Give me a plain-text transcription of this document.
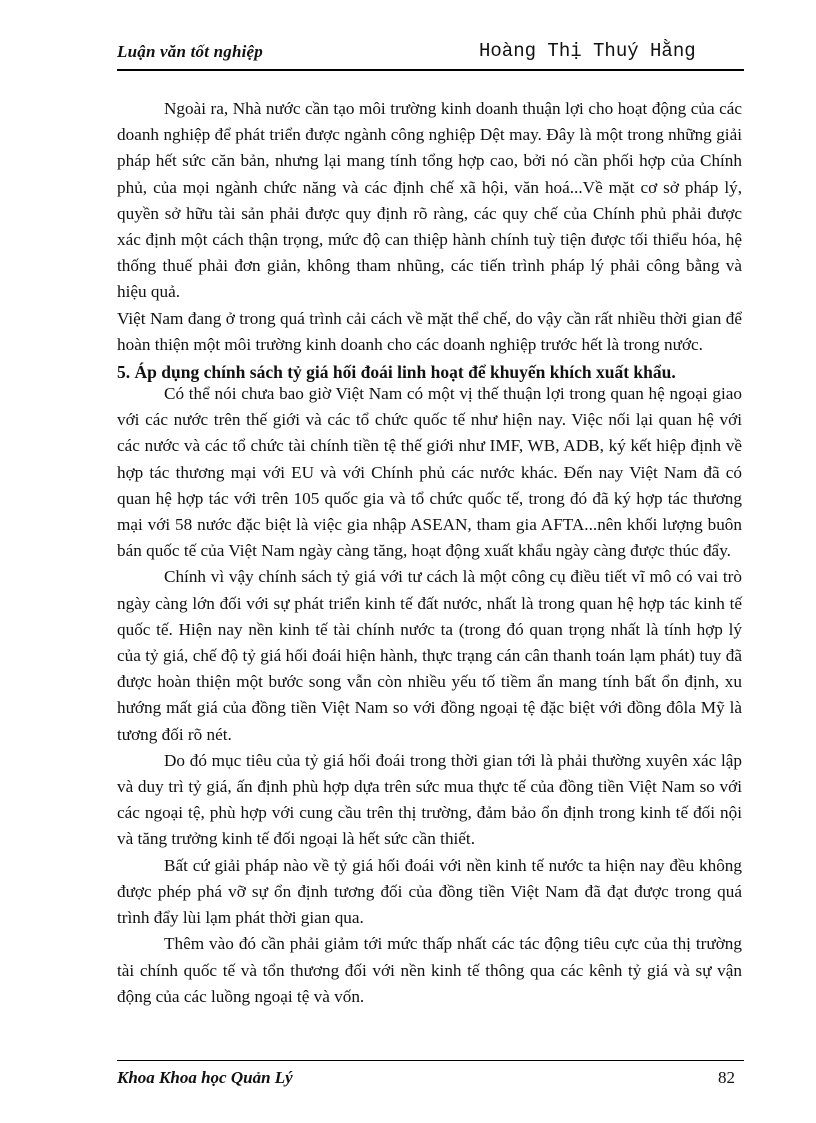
Luận văn tốt nghiệp	Hoàng Thị Thuý Hằng

Ngoài ra, Nhà nước cần tạo môi trường kinh doanh thuận lợi cho hoạt động của các doanh nghiệp để phát triển được ngành công nghiệp Dệt may. Đây là một trong những giải pháp hết sức căn bản, nhưng lại mang tính tổng hợp cao, bởi nó cần phối hợp của Chính phủ, của mọi ngành chức năng và các định chế xã hội, văn hoá...Về mặt cơ sở pháp lý, quyền sở hữu tài sản phải được quy định rõ ràng, các quy chế của Chính phủ phải được xác định một cách thận trọng, mức độ can thiệp hành chính tuỳ tiện được tối thiểu hóa, hệ thống thuế phải đơn giản, không tham nhũng, các tiến trình pháp lý phải công bằng và hiệu quả.

Việt Nam đang ở trong quá trình cải cách về mặt thể chế, do vậy cần rất nhiều thời gian để hoàn thiện một môi trường kinh doanh cho các doanh nghiệp trước hết là trong nước.

5. Áp dụng chính sách tỷ giá hối đoái linh hoạt để khuyến khích xuất khẩu.

Có thể nói chưa bao giờ Việt Nam có một vị thế thuận lợi trong quan hệ ngoại giao với các nước trên thế giới và các tổ chức quốc tế như hiện nay. Việc nối lại quan hệ với các nước và các tổ chức tài chính tiền tệ thế giới như IMF, WB, ADB, ký kết hiệp định về hợp tác thương mại với EU và với Chính phủ các nước khác. Đến nay Việt Nam đã có quan hệ hợp tác với trên 105 quốc gia và tổ chức quốc tế, trong đó đã ký hợp tác thương mại với 58 nước đặc biệt là việc gia nhập ASEAN, tham gia AFTA...nên khối lượng buôn bán quốc tế của Việt Nam ngày càng tăng, hoạt động xuất khẩu ngày càng được thúc đẩy.

Chính vì vậy chính sách tỷ giá với tư cách là một công cụ điều tiết vĩ mô có vai trò ngày càng lớn đối với sự phát triển kinh tế đất nước, nhất là trong quan hệ hợp tác kinh tế quốc tế. Hiện nay nền kinh tế tài chính nước ta (trong đó quan trọng nhất là tính hợp lý của tỷ giá, chế độ tỷ giá hối đoái hiện hành, thực trạng cán cân thanh toán lạm phát) tuy đã được hoàn thiện một bước song vẫn còn nhiều yếu tố tiềm ẩn mang tính bất ổn định, xu hướng mất giá của đồng tiền Việt Nam so với đồng ngoại tệ đặc biệt với đồng đôla Mỹ là tương đối rõ nét.

Do đó mục tiêu của tỷ giá hối đoái trong thời gian tới là phải thường xuyên xác lập và duy trì tỷ giá, ấn định phù hợp dựa trên sức mua thực tế của đồng tiền Việt Nam so với các ngoại tệ, phù hợp với cung cầu trên thị trường, đảm bảo ổn định trong kinh tế đối nội và tăng trưởng kinh tế đối ngoại là hết sức cần thiết.

Bất cứ giải pháp nào về tỷ giá hối đoái với nền kinh tế nước ta hiện nay đều không được phép phá vỡ sự ổn định tương đối của đồng tiền Việt Nam đã đạt được trong quá trình đẩy lùi lạm phát thời gian qua.

Thêm vào đó cần phải giảm tới mức thấp nhất các tác động tiêu cực của thị trường tài chính quốc tế và tổn thương đối với nền kinh tế thông qua các kênh tỷ giá và sự vận động của các luồng ngoại tệ và vốn.

Khoa Khoa học Quản Lý	82
